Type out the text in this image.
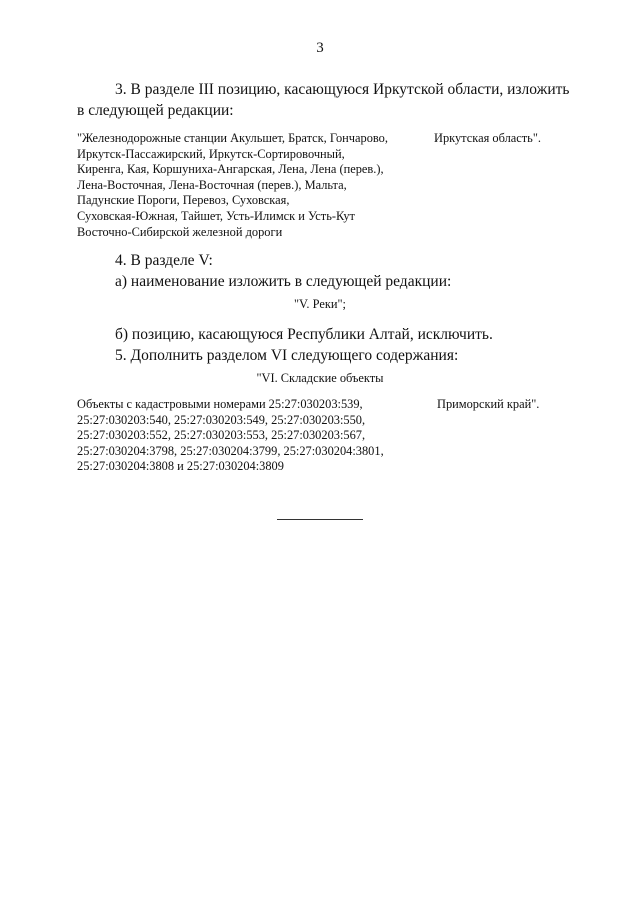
3
3. В разделе III позицию, касающуюся Иркутской области, изложить
в следующей редакции:
"Железнодорожные станции Акульшет, Братск, Гончарово,
Иркутск-Пассажирский, Иркутск-Сортировочный,
Киренга, Кая, Коршуниха-Ангарская, Лена, Лена (перев.),
Лена-Восточная, Лена-Восточная (перев.), Мальта,
Падунские Пороги, Перевоз, Суховская,
Суховская-Южная, Тайшет, Усть-Илимск и Усть-Кут
Восточно-Сибирской железной дороги
Иркутская область".
4. В разделе V:
а) наименование изложить в следующей редакции:
"V. Реки";
б) позицию, касающуюся Республики Алтай, исключить.
5. Дополнить разделом VI следующего содержания:
"VI. Складские объекты
Объекты с кадастровыми номерами 25:27:030203:539,
25:27:030203:540, 25:27:030203:549, 25:27:030203:550,
25:27:030203:552, 25:27:030203:553, 25:27:030203:567,
25:27:030204:3798, 25:27:030204:3799, 25:27:030204:3801,
25:27:030204:3808 и 25:27:030204:3809
Приморский край".
